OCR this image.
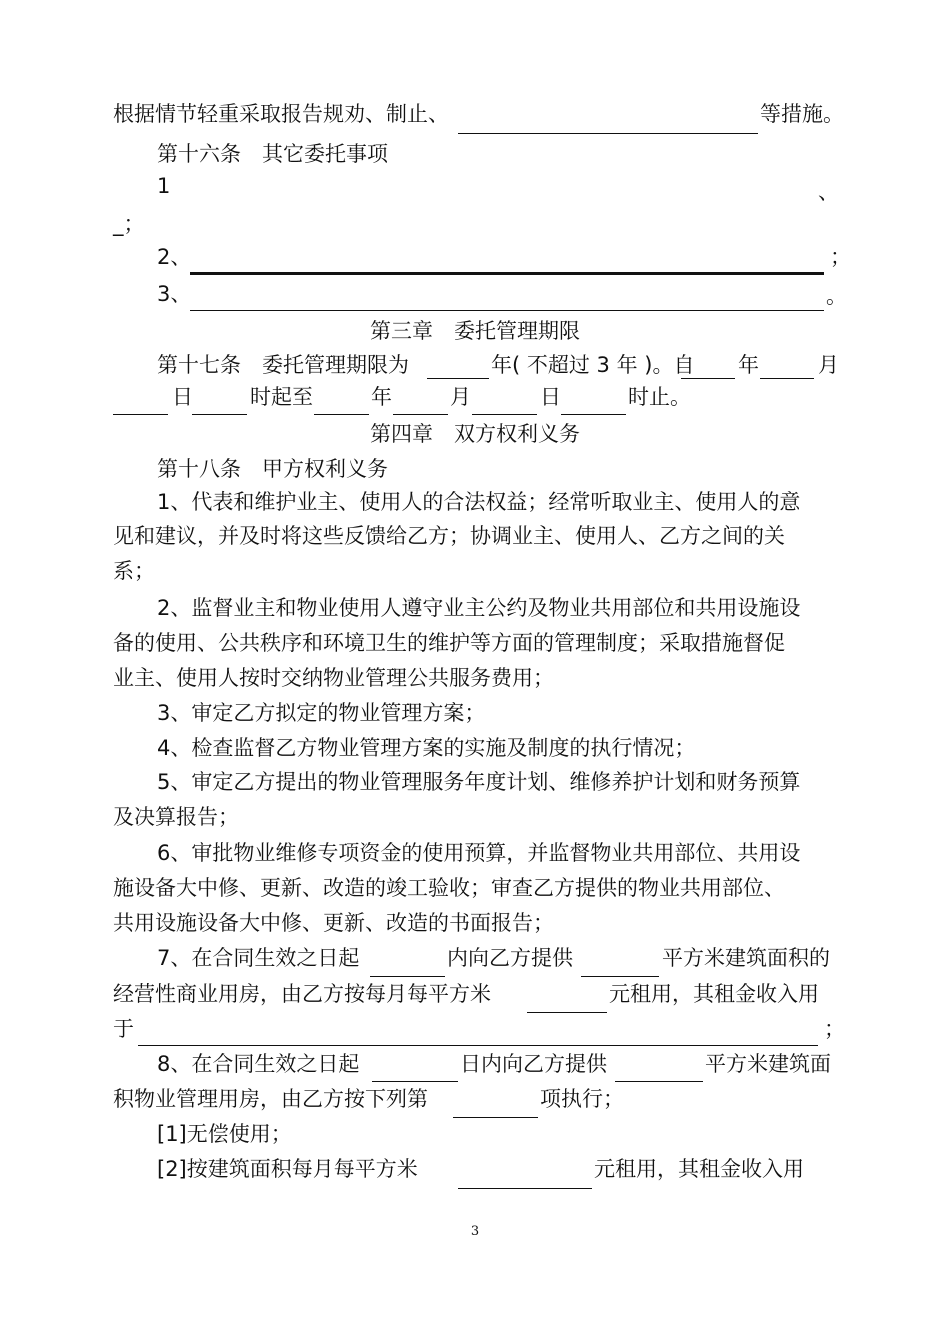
根据情节轻重采取报告规劝、制止、	等措施。
第十六条　其它委托事项
1	、
_；
2、	；
3、	。
第三章　委托管理期限
第十七条　委托管理期限为	年( 不超过 3 年 )。自 年	月
日	时起至	年	月	日	时止。
第四章　双方权利义务
第十八条　甲方权利义务
1、代表和维护业主、使用人的合法权益；经常听取业主、使用人的意
见和建议，并及时将这些反馈给乙方；协调业主、使用人、乙方之间的关
系；
2、监督业主和物业使用人遵守业主公约及物业共用部位和共用设施设
备的使用、公共秩序和环境卫生的维护等方面的管理制度；采取措施督促
业主、使用人按时交纳物业管理公共服务费用；
3、审定乙方拟定的物业管理方案；
4、检查监督乙方物业管理方案的实施及制度的执行情况；
5、审定乙方提出的物业管理服务年度计划、维修养护计划和财务预算
及决算报告；
6、审批物业维修专项资金的使用预算，并监督物业共用部位、共用设
施设备大中修、更新、改造的竣工验收；审查乙方提供的物业共用部位、
共用设施设备大中修、更新、改造的书面报告；
7、在合同生效之日起	内向乙方提供	平方米建筑面积的
经营性商业用房，由乙方按每月每平方米	元租用，其租金收入用
于	；
8、在合同生效之日起	日内向乙方提供	平方米建筑面
积物业管理用房，由乙方按下列第	项执行；
[1]无偿使用；
[2]按建筑面积每月每平方米	元租用，其租金收入用
3
